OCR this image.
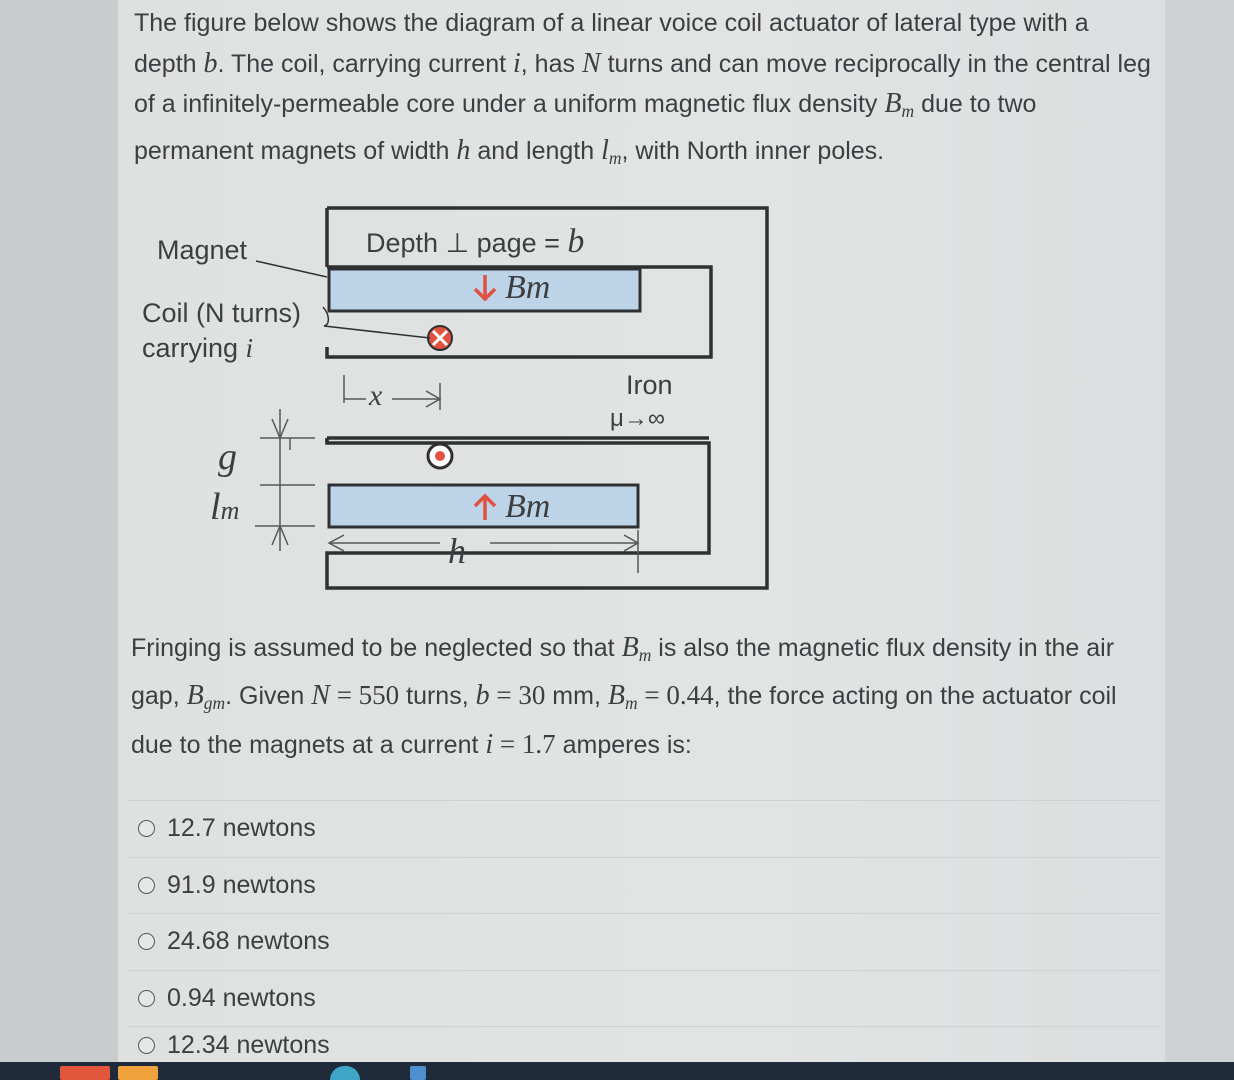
The figure below shows the diagram of a linear voice coil actuator of lateral type with a depth b. The coil, carrying current i, has N turns and can move reciprocally in the central leg of a infinitely-permeable core under a uniform magnetic flux density $B_m$ due to two permanent magnets of width h and length $l_m$, with North inner poles.

Magnet
Coil (N turns)
carrying i
Depth ⊥ page = b
Bm
Bm
Iron
μ→∞
x
g
lm
h

Fringing is assumed to be neglected so that $B_m$ is also the magnetic flux density in the air gap, $B_{gm}$. Given N = 550 turns, b = 30 mm, $B_m = 0.44$, the force acting on the actuator coil due to the magnets at a current i = 1.7 amperes is:

12.7 newtons
91.9 newtons
24.68 newtons
0.94 newtons
12.34 newtons
